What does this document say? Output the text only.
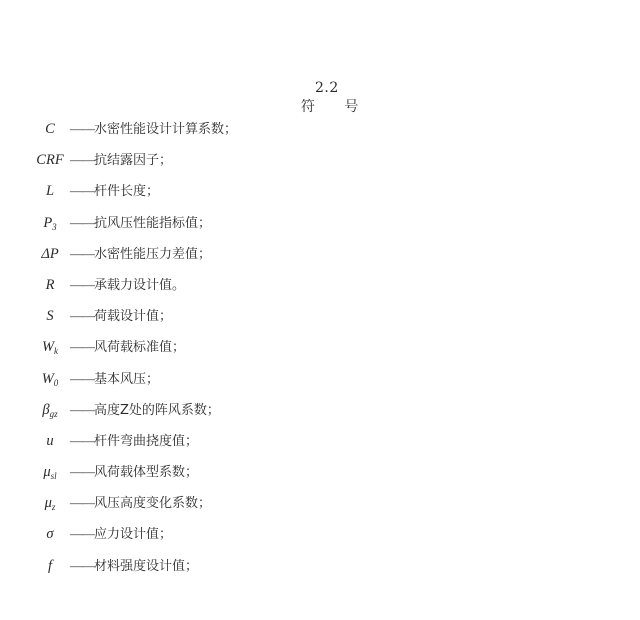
2.2
符　　号

C	——水密性能设计计算系数；
CRF ——抗结露因子；
L	——杆件长度；
$P_3$	——抗风压性能指标值；
ΔP ——水密性能压力差值；
R	——承载力设计值。
S	——荷载设计值；
$W_k$ ——风荷载标准值；
$W_0$ ——基本风压；
$\beta_{gz}$ ——高度Z处的阵风系数；
u	——杆件弯曲挠度值；
$\mu_{sl}$	——风荷载体型系数；
$\mu_z$	——风压高度变化系数；
σ	——应力设计值；
f	——材料强度设计值；
